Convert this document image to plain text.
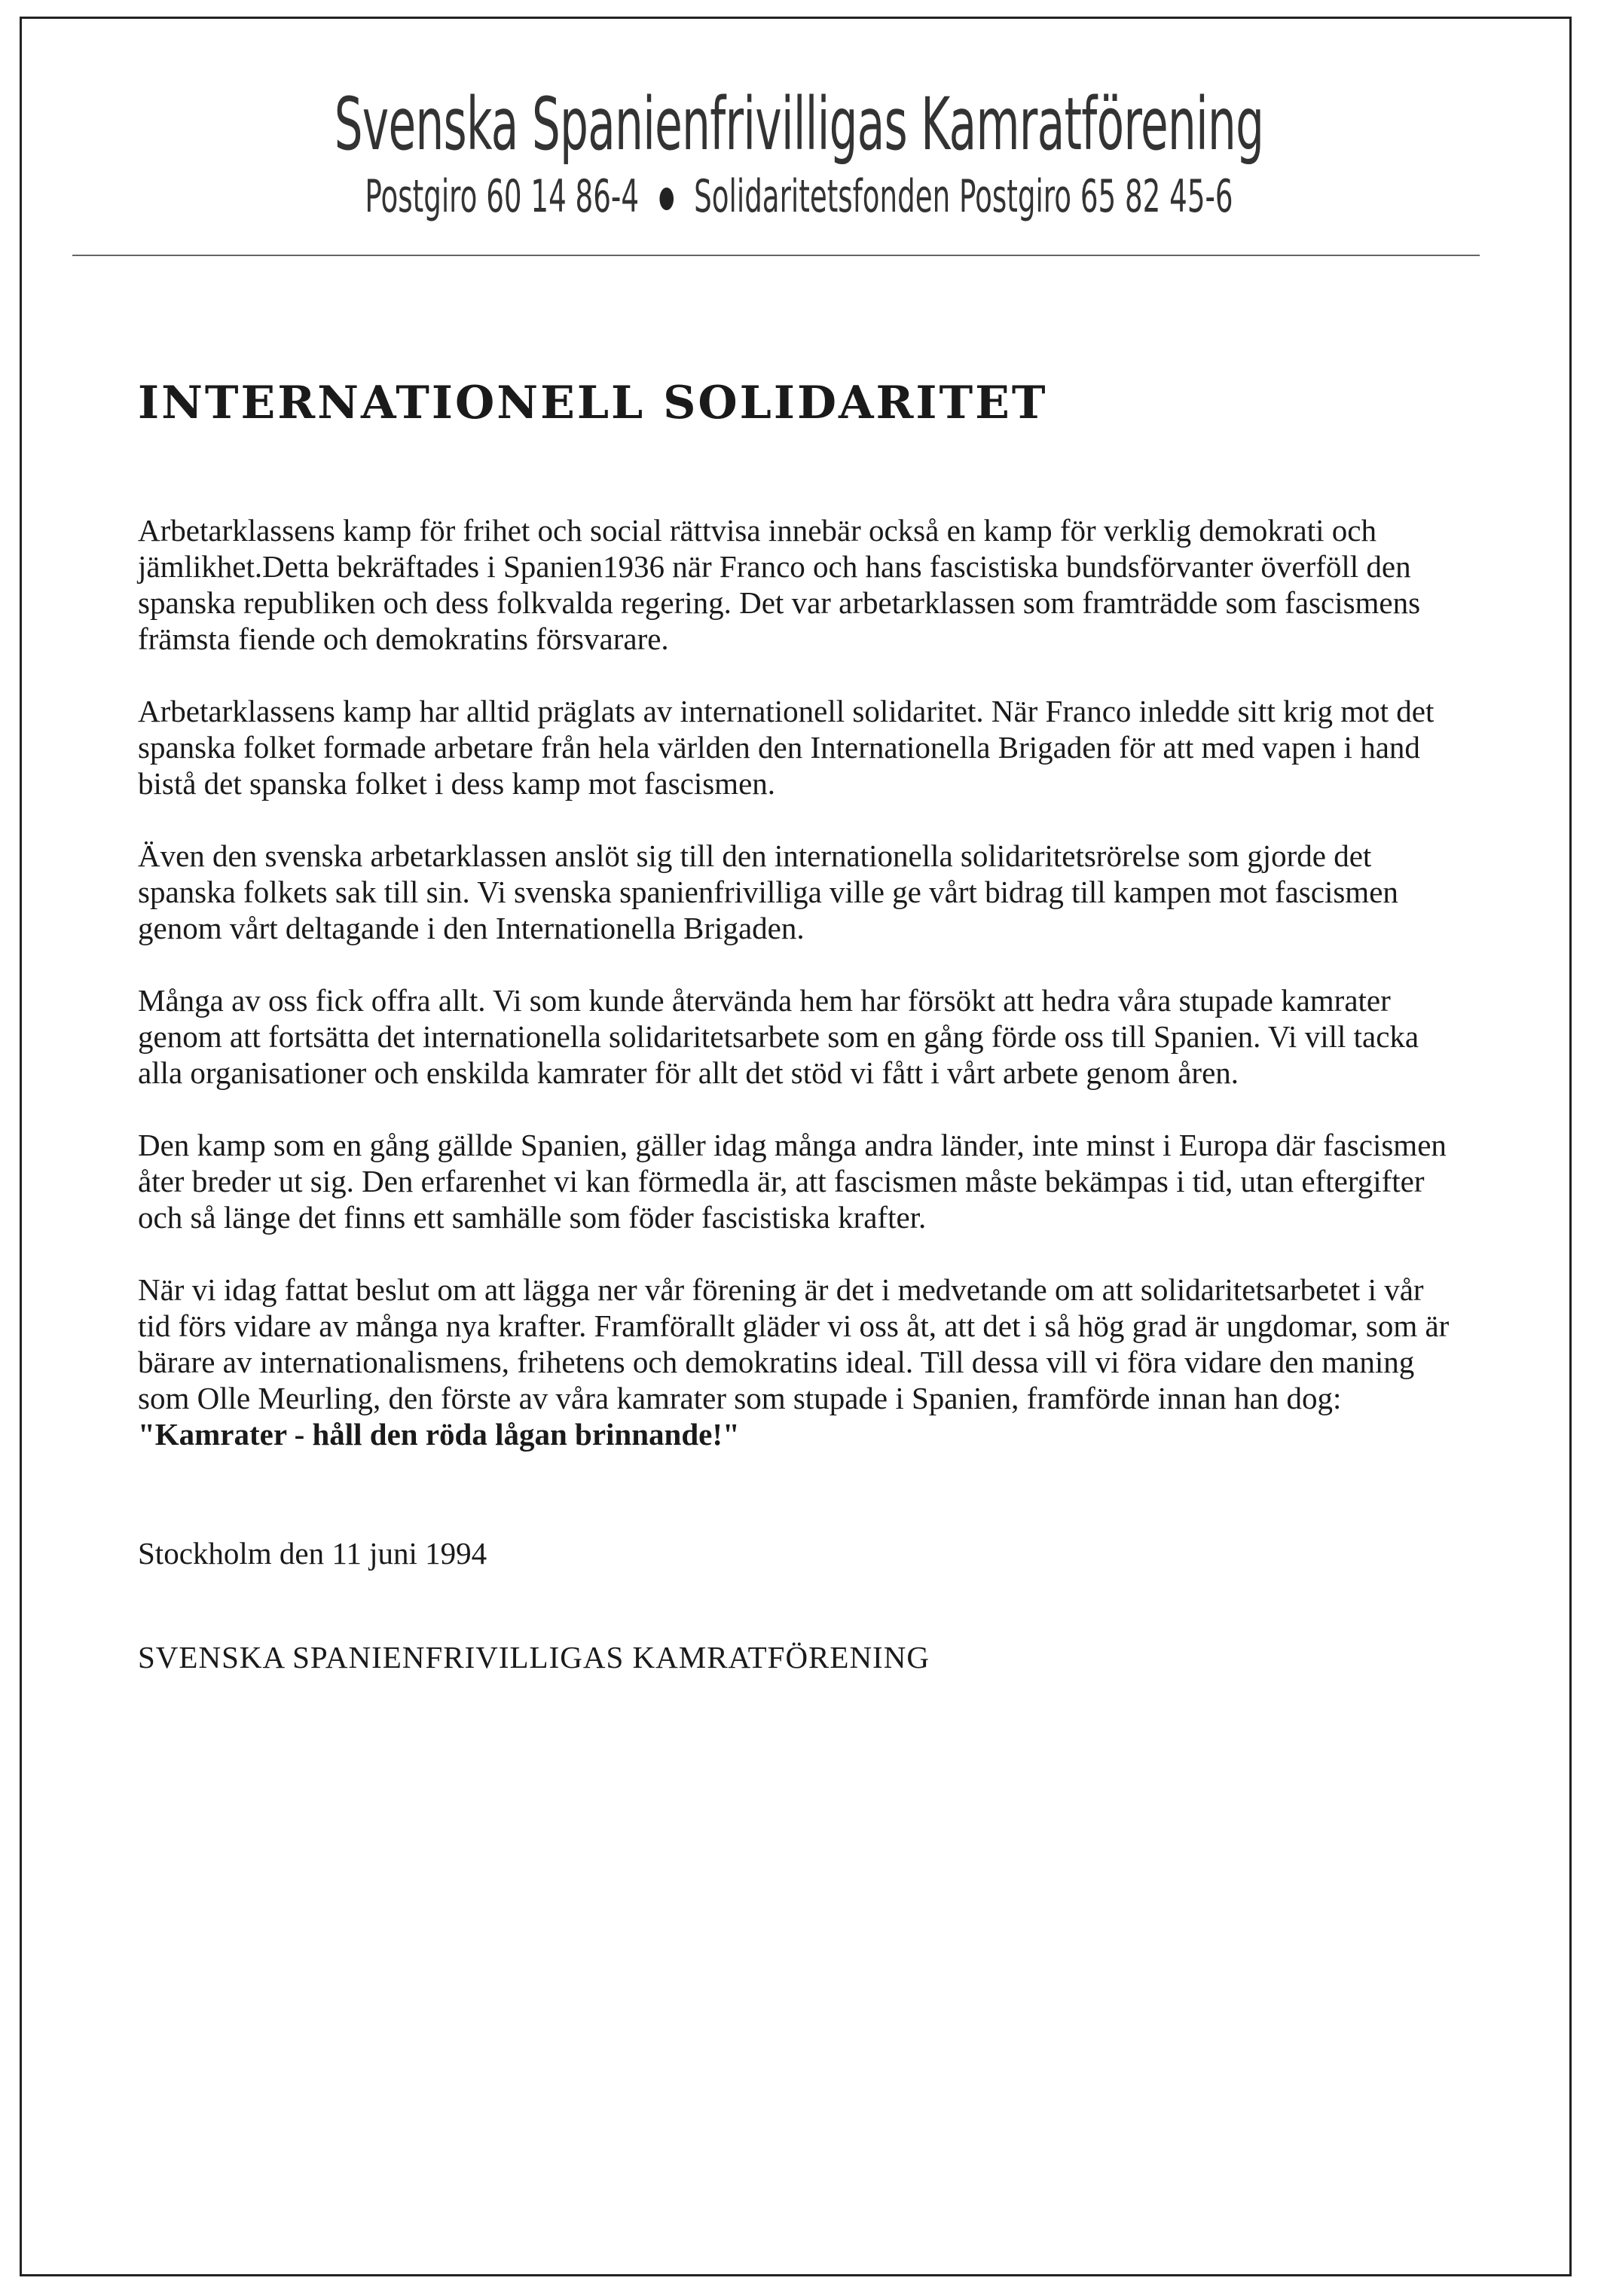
Svenska Spanienfrivilligas Kamratförening
Postgiro 60 14 86-4 Solidaritetsfonden Postgiro 65 82 45-6
INTERNATIONELL SOLIDARITET

Arbetarklassens kamp för frihet och social rättvisa innebär också en kamp för verklig demokrati och jämlikhet.Detta bekräftades i Spanien1936 när Franco och hans fascistiska bundsförvanter överföll den spanska republiken och dess folkvalda regering. Det var arbetarklassen som framträdde som fascismens främsta fiende och demokratins försvarare.

Arbetarklassens kamp har alltid präglats av internationell solidaritet. När Franco inledde sitt krig mot det spanska folket formade arbetare från hela världen den Internationella Brigaden för att med vapen i hand bistå det spanska folket i dess kamp mot fascismen.

Även den svenska arbetarklassen anslöt sig till den internationella solidaritetsrörelse som gjorde det spanska folkets sak till sin. Vi svenska spanienfrivilliga ville ge vårt bidrag till kampen mot fascismen genom vårt deltagande i den Internationella Brigaden.

Många av oss fick offra allt. Vi som kunde återvända hem har försökt att hedra våra stupade kamrater genom att fortsätta det internationella solidaritetsarbete som en gång förde oss till Spanien. Vi vill tacka alla organisationer och enskilda kamrater för allt det stöd vi fått i vårt arbete genom åren.

Den kamp som en gång gällde Spanien, gäller idag många andra länder, inte minst i Europa där fascismen åter breder ut sig. Den erfarenhet vi kan förmedla är, att fascismen måste bekämpas i tid, utan eftergifter och så länge det finns ett samhälle som föder fascistiska krafter.

När vi idag fattat beslut om att lägga ner vår förening är det i medvetande om att solidaritetsarbetet i vår tid förs vidare av många nya krafter. Framförallt gläder vi oss åt, att det i så hög grad är ungdomar, som är bärare av internationalismens, frihetens och demokratins ideal. Till dessa vill vi föra vidare den maning som Olle Meurling, den förste av våra kamrater som stupade i Spanien, framförde innan han dog: "Kamrater - håll den röda lågan brinnande!"

Stockholm den 11 juni 1994

SVENSKA SPANIENFRIVILLIGAS KAMRATFÖRENING
